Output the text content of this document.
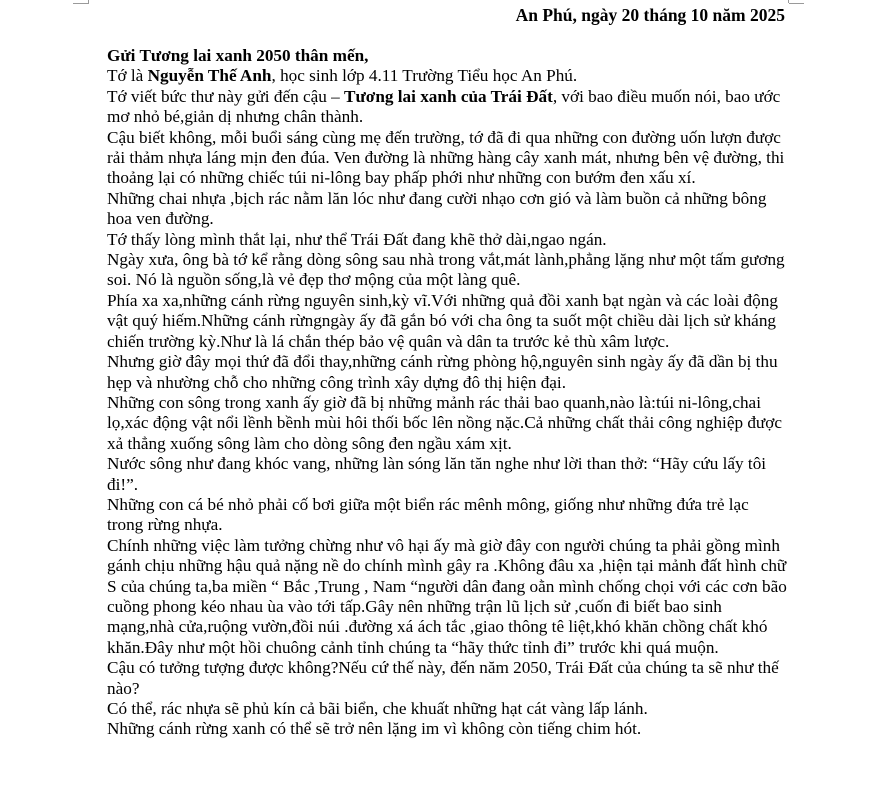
An Phú, ngày 20 tháng 10 năm 2025

Gửi Tương lai xanh 2050 thân mến,

Tớ là Nguyễn Thế Anh, học sinh lớp 4.11 Trường Tiểu học An Phú.

Tớ viết bức thư này gửi đến cậu – Tương lai xanh của Trái Đất, với bao điều muốn nói, bao ước mơ nhỏ bé,giản dị nhưng chân thành.

Cậu biết không, mỗi buổi sáng cùng mẹ đến trường, tớ đã đi qua những con đường uốn lượn được rải thảm nhựa láng mịn đen đúa. Ven đường là những hàng cây xanh mát, nhưng bên vệ đường, thi thoảng lại có những chiếc túi ni-lông bay phấp phới như những con bướm đen xấu xí.

Những chai nhựa ,bịch rác nằm lăn lóc như đang cười nhạo cơn gió và làm buồn cả những bông hoa ven đường.

Tớ thấy lòng mình thắt lại, như thể Trái Đất đang khẽ thở dài,ngao ngán.

Ngày xưa, ông bà tớ kể rằng dòng sông sau nhà trong vắt,mát lành,phẳng lặng như một tấm gương soi. Nó là nguồn sống,là vẻ đẹp thơ mộng của một làng quê.

Phía xa xa,những cánh rừng nguyên sinh,kỳ vĩ.Với những quả đồi xanh bạt ngàn và các loài động vật quý hiếm.Những cánh rừngngày ấy đã gắn bó với cha ông ta suốt một chiều dài lịch sử kháng chiến trường kỳ.Như là lá chắn thép bảo vệ quân và dân ta trước kẻ thù xâm lược.

Nhưng giờ đây mọi thứ đã đổi thay,những cánh rừng phòng hộ,nguyên sinh ngày ấy đã dần bị thu hẹp và nhường chỗ cho những công trình xây dựng đô thị hiện đại.

Những con sông trong xanh ấy giờ đã bị những mảnh rác thải bao quanh,nào là:túi ni-lông,chai lọ,xác động vật nổi lềnh bềnh mùi hôi thối bốc lên nồng nặc.Cả những chất thải công nghiệp được xả thẳng xuống sông làm cho dòng sông đen ngầu xám xịt.

Nước sông như đang khóc vang, những làn sóng lăn tăn nghe như lời than thở: “Hãy cứu lấy tôi đi!”.

Những con cá bé nhỏ phải cố bơi giữa một biển rác mênh mông, giống như những đứa trẻ lạc trong rừng nhựa.

Chính những việc làm tưởng chừng như vô hại ấy mà giờ đây con người chúng ta phải gồng mình gánh chịu những hậu quả nặng nề do chính mình gây ra .Không đâu xa ,hiện tại mảnh đất hình chữ S của chúng ta,ba miền “ Bắc ,Trung , Nam “người dân đang oằn mình chống chọi với các cơn bão cuồng phong kéo nhau ùa vào tới tấp.Gây nên những trận lũ lịch sử ,cuốn đi biết bao sinh mạng,nhà cửa,ruộng vườn,đồi núi .đường xá ách tắc ,giao thông tê liệt,khó khăn chồng chất khó khăn.Đây như một hồi chuông cảnh tỉnh chúng ta “hãy thức tỉnh đi” trước khi quá muộn.

Cậu có tưởng tượng được không?Nếu cứ thế này, đến năm 2050, Trái Đất của chúng ta sẽ như thế nào?

Có thể, rác nhựa sẽ phủ kín cả bãi biển, che khuất những hạt cát vàng lấp lánh.

Những cánh rừng xanh có thể sẽ trở nên lặng im vì không còn tiếng chim hót.
